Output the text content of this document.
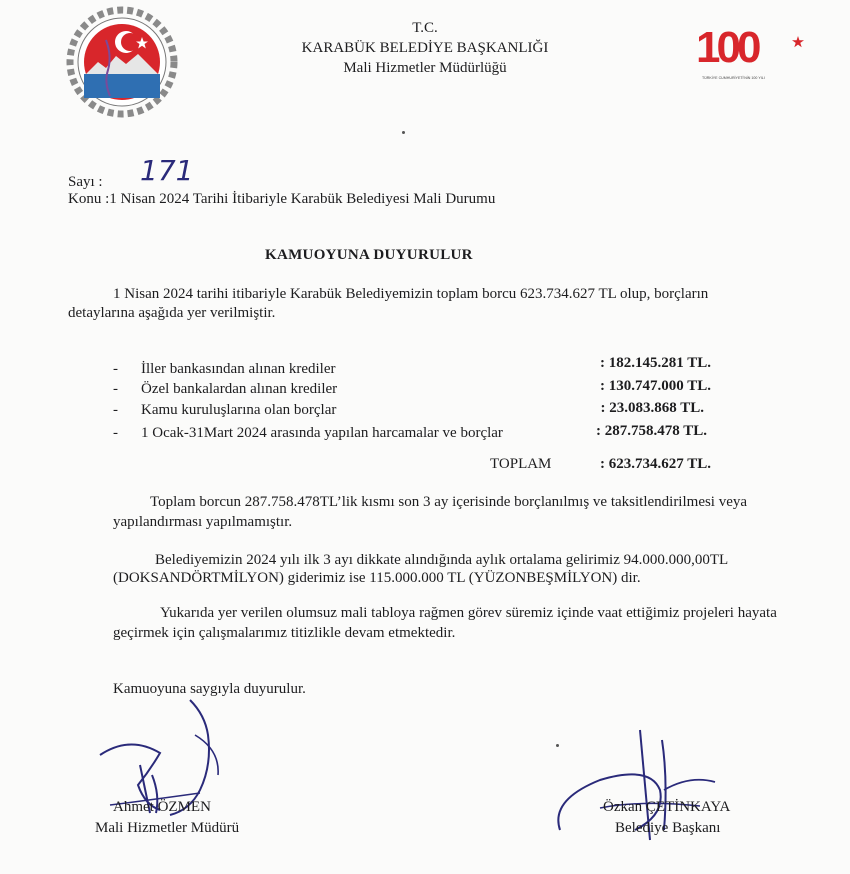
T.C.
KARABÜK BELEDİYE BAŞKANLIĞI
Mali Hizmetler Müdürlüğü	100
TÜRKİYE CUMHURİYETİ'NİN 100 YILI
Sayı : 171
Konu :1 Nisan 2024 Tarihi İtibariyle Karabük Belediyesi Mali Durumu
KAMUOYUNA DUYURULUR
1 Nisan 2024 tarihi itibariyle Karabük Belediyemizin toplam borcu 623.734.627 TL olup, borçların
detaylarına aşağıda yer verilmiştir.
-	İller bankasından alınan krediler	: 182.145.281 TL.
-	Özel bankalardan alınan krediler	: 130.747.000 TL.
-	Kamu kuruluşlarına olan borçlar	: 23.083.868 TL.
-	1 Ocak-31Mart 2024 arasında yapılan harcamalar ve borçlar	: 287.758.478 TL.
TOPLAM	: 623.734.627 TL.
Toplam borcun 287.758.478TL’lik kısmı son 3 ay içerisinde borçlanılmış ve taksitlendirilmesi veya
yapılandırması yapılmamıştır.
Belediyemizin 2024 yılı ilk 3 ayı dikkate alındığında aylık ortalama gelirimiz 94.000.000,00TL
(DOKSANDÖRTMİLYON) giderimiz ise 115.000.000 TL (YÜZONBEŞMİLYON) dir.
Yukarıda yer verilen olumsuz mali tabloya rağmen görev süremiz içinde vaat ettiğimiz projeleri hayata
geçirmek için çalışmalarımız titizlikle devam etmektedir.
Kamuoyuna saygıyla duyurulur.
Ahmet ÖZMEN
Mali Hizmetler Müdürü
Özkan ÇETİNKAYA
Belediye Başkanı
